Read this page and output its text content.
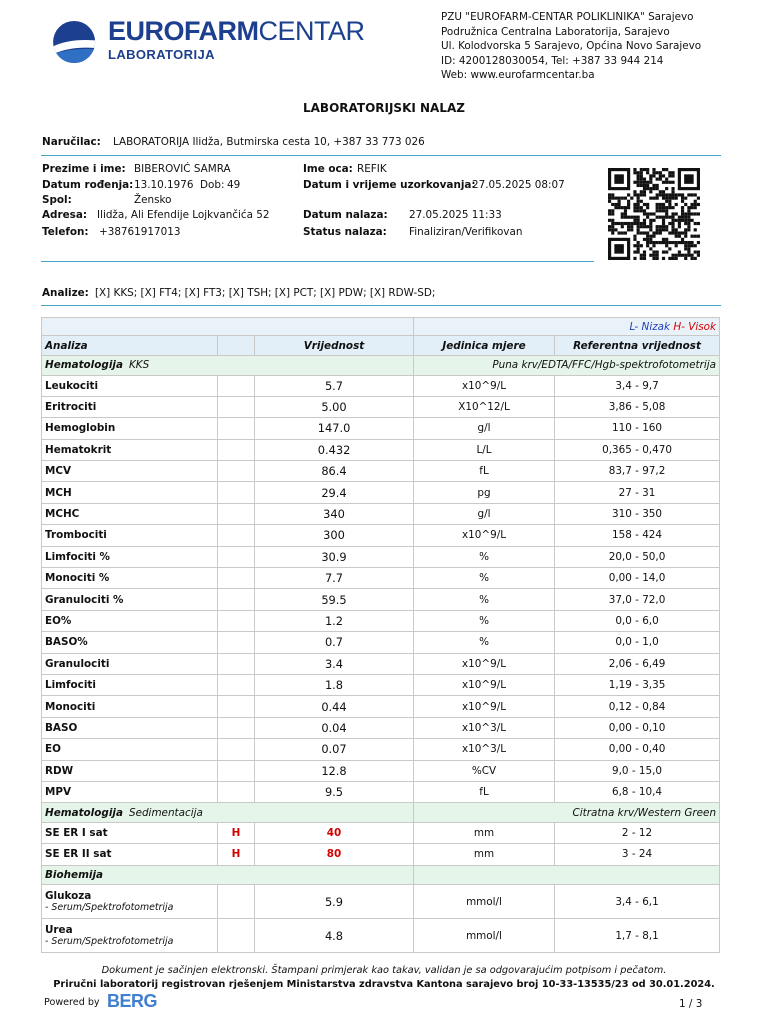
EUROFARMCENTAR
LABORATORIJA
PZU "EUROFARM-CENTAR POLIKLINIKA" Sarajevo
Podružnica Centralna Laboratorija, Sarajevo
Ul. Kolodvorska 5 Sarajevo, Općina Novo Sarajevo
ID: 4200128030054, Tel: +387 33 944 214
Web: www.eurofarmcentar.ba
LABORATORIJSKI NALAZ
Naručilac: LABORATORIJA Ilidža, Butmirska cesta 10, +387 33 773 026
Prezime i ime: BIBEROVIĆ SAMRA
Datum rođenja: 13.10.1976 Dob: 49
Spol:	Žensko
Adresa: Ilidža, Ali Efendije Lojkvančića 52
Telefon: +38761917013
Ime oca: REFIK
Datum i vrijeme uzorkovanja:
27.05.2025 08:07
Datum nalaza: 27.05.2025 11:33
Status nalaza: Finaliziran/Verifikovan
Analize: [X] KKS; [X] FT4; [X] FT3; [X] TSH; [X] PCT; [X] PDW; [X] RDW-SD;
			L- Nizak H- Visok	
Analiza		Vrijednost	Jedinica mjere	Referentna vrijednost
Hematologija KKS			Puna krv/EDTA/FFC/Hgb-spektrofotometrija	
Leukociti		5.7	x10^9/L	3,4 - 9,7
Eritrociti		5.00	X10^12/L	3,86 - 5,08
Hemoglobin		147.0	g/l	110 - 160
Hematokrit		0.432	L/L	0,365 - 0,470
MCV		86.4	fL	83,7 - 97,2
MCH		29.4	pg	27 - 31
MCHC		340	g/l	310 - 350
Trombociti		300	x10^9/L	158 - 424
Limfociti %		30.9	%	20,0 - 50,0
Monociti %		7.7	%	0,00 - 14,0
Granulociti %		59.5	%	37,0 - 72,0
EO%		1.2	%	0,0 - 6,0
BASO%		0.7	%	0,0 - 1,0
Granulociti		3.4	x10^9/L	2,06 - 6,49
Limfociti		1.8	x10^9/L	1,19 - 3,35
Monociti		0.44	x10^9/L	0,12 - 0,84
BASO		0.04	x10^3/L	0,00 - 0,10
EO		0.07	x10^3/L	0,00 - 0,40
RDW		12.8	%CV	9,0 - 15,0
MPV		9.5	fL	6,8 - 10,4
Hematologija Sedimentacija			Citratna krv/Western Green	
SE ER I sat	H	40	mm	2 - 12
SE ER II sat	H	80	mm	3 - 24
Biohemija				

Glukoza
- Serum/Spektrofotometrija		5.9	mmol/l	3,4 - 6,1

Urea
- Serum/Spektrofotometrija		4.8	mmol/l	1,7 - 8,1
Dokument je sačinjen elektronski. Štampani primjerak kao takav, validan je sa odgovarajućim potpisom i pečatom.
Priručni laboratorij registrovan rješenjem Ministarstva zdravstva Kantona sarajevo broj 10-33-13535/23 od 30.01.2024.
Powered by BERG	1 / 3
